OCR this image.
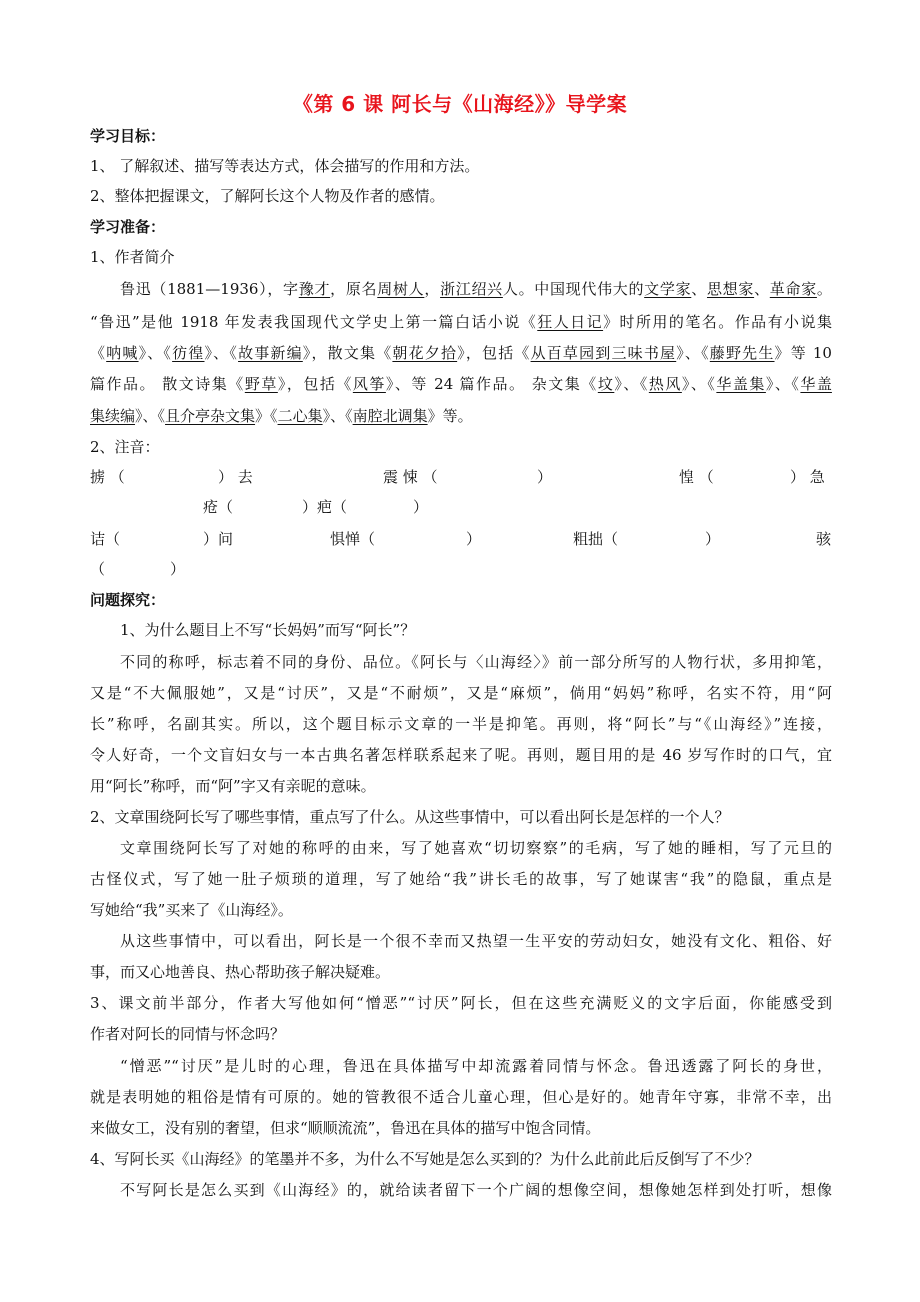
《第 6 课 阿长与《山海经》》导学案
学习目标：
1、 了解叙述、描写等表达方式，体会描写的作用和方法。
2、整体把握课文，了解阿长这个人物及作者的感情。
学习准备：
1、作者简介
鲁迅（1881—1936），字豫才，原名周树人，浙江绍兴人。中国现代伟大的文学家、思想家、革命家。
“鲁迅”是他 1918 年发表我国现代文学史上第一篇白话小说《狂人日记》时所用的笔名。作品有小说集
《呐喊》、《彷徨》、《故事新编》，散文集《朝花夕拾》，包括《从百草园到三味书屋》、《藤野先生》等 10
篇作品。 散文诗集《野草》，包括《风筝》、等 24 篇作品。 杂文集《坟》、《热风》、《华盖集》、《华盖
集续编》、《且介亭杂文集》《二心集》、《南腔北调集》等。
2、注音：
掳 （	） 去	震 悚 （	）	惶 （	） 急
疮（	）疤（	）
诘（	）问	惧惮（	）	粗拙（	）	骇
（	）
问题探究：
1、为什么题目上不写“长妈妈”而写“阿长”？
不同的称呼，标志着不同的身份、品位。《阿长与〈山海经〉》前一部分所写的人物行状，多用抑笔，
又是“不大佩服她”，又是“讨厌”，又是“不耐烦”，又是“麻烦”，倘用“妈妈”称呼，名实不符，用“阿
长”称呼，名副其实。所以，这个题目标示文章的一半是抑笔。再则，将“阿长”与“《山海经》”连接，
令人好奇，一个文盲妇女与一本古典名著怎样联系起来了呢。再则，题目用的是 46 岁写作时的口气，宜
用“阿长”称呼，而“阿”字又有亲昵的意味。
2、文章围绕阿长写了哪些事情，重点写了什么。从这些事情中，可以看出阿长是怎样的一个人？
文章围绕阿长写了对她的称呼的由来，写了她喜欢“切切察察”的毛病，写了她的睡相，写了元旦的
古怪仪式，写了她一肚子烦琐的道理，写了她给“我”讲长毛的故事，写了她谋害“我”的隐鼠，重点是
写她给“我”买来了《山海经》。
从这些事情中，可以看出，阿长是一个很不幸而又热望一生平安的劳动妇女，她没有文化、粗俗、好
事，而又心地善良、热心帮助孩子解决疑难。
3、课文前半部分，作者大写他如何“憎恶”“讨厌”阿长，但在这些充满贬义的文字后面，你能感受到
作者对阿长的同情与怀念吗？
“憎恶”“讨厌”是儿时的心理，鲁迅在具体描写中却流露着同情与怀念。鲁迅透露了阿长的身世，
就是表明她的粗俗是情有可原的。她的管教很不适合儿童心理，但心是好的。她青年守寡，非常不幸，出
来做女工，没有别的奢望，但求“顺顺流流”，鲁迅在具体的描写中饱含同情。
4、写阿长买《山海经》的笔墨并不多，为什么不写她是怎么买到的？为什么此前此后反倒写了不少？
不写阿长是怎么买到《山海经》的，就给读者留下一个广阔的想像空间，想像她怎样到处打听，想像
